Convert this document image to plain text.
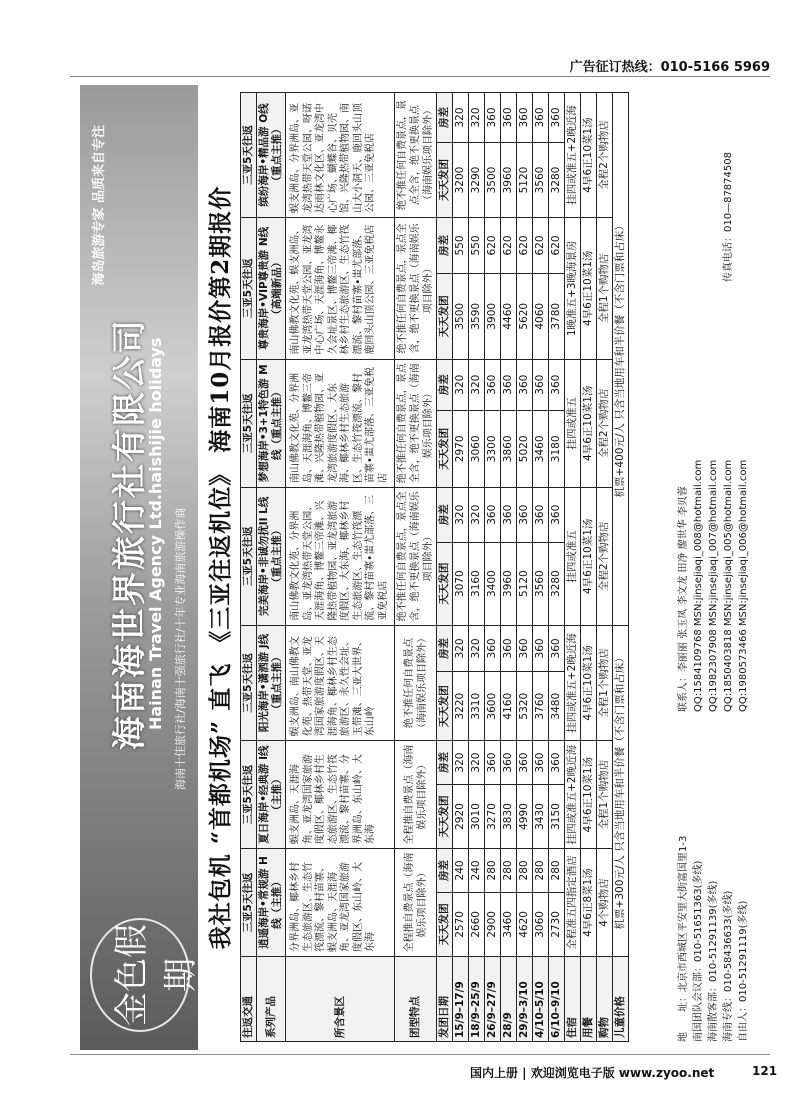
广告征订热线：010-5166 5969
金色假期 Golden holiday
海岛旅游专家 品质来自专注
海南海世界旅行社有限公司
Hainan Travel Agency Ltd.haishijie holidays 海南十佳旅行社/海南十强旅行社/十年专业海南旅游操作商 我社包机 “首都机场” 直飞 《三亚往返机位》 海南10月报价第2期报价
往返交通	三亚5天往返		三亚5天往返		三亚5天往返		三亚5天往返		三亚5天往返		三亚5天往返		三亚5天往返	
系列产品	逍遥海岸•常规游 H线（主推）		夏日海岸•经典游 I线（主推）		阳光海岸•潇洒游 J线（重点主推）		完美海岸•非诚勿扰II L线（重点主推）		梦想海岸•3+1特色游 M线（重点主推）		尊贵海岸•VIP尊贵游 N线（高端新品）		缤纷海岸•精品游 O线（重点主推）	
所含景区	分界洲岛、椰林乡村生态旅游区、生态竹筏漂流、黎村苗寨、蜈支洲岛、天涯海角、亚龙湾国家旅游度假区、东山岭、大东海		蜈支洲岛、天涯海角、亚龙湾国家旅游度假区、椰林乡村生态旅游区、生态竹筏漂流、黎村苗寨、分界洲岛、东山岭、大东海		蜈支洲岛、南山佛教文化苑、热带天堂、亚龙湾国家旅游度假区、天涯海角、椰林乡村生态旅游区、永久性会址、玉带滩、三亚大世界、东山岭		南山佛教文化苑、分界洲岛、亚龙湾热带天堂公园、天涯海角、博鳌三帝滩、兴隆热带植物园、亚龙湾旅游度假区、大东海、椰林乡村生态旅游区、生态竹筏漂流、黎村苗寨•蚩尤部落、三亚免税店		南山佛教文化苑、分界洲岛、天涯海角、博鳌三帝滩、兴隆热带植物园、亚龙湾旅游度假区、大东海、椰林乡村生态旅游区、生态竹筏漂流、黎村苗寨•蚩尤部落、三亚免税店		南山佛教文化苑、蜈支洲岛、亚龙湾热带天堂公园、亚龙湾中心广场、天涯海角、博鳌永久会址景区、博鳌三帝滩、椰林乡村生态旅游区、生态竹筏漂流、黎村苗寨•蚩尤部落、鹿回头山顶公园、三亚免税店		蜈支洲岛、分界洲岛、亚龙湾热带天堂公园、呀诺达雨林文化区、亚龙湾中心广场、蝴蝶谷、贝壳馆、兴隆热带植物园、南山大小洞天、鹿回头山顶公园、三亚免税店	
团型特点	全程推自费景点（海南娱乐项目除外）		全程推自费景点（海南娱乐项目除外）		绝不推任何自费景点（海南娱乐项目除外）		绝不推任何自费景点，景点全含，绝不更换景点（海南娱乐项目除外）		绝不推任何自费景点，景点全含，绝不更换景点（海南娱乐项目除外）		绝不推任何自费景点，景点全含，绝不更换景点（海南娱乐项目除外）		绝不推任何自费景点，景点全含，绝不更换景点（海南娱乐项目除外）	
发团日期	天天发团	房差	天天发团	房差	天天发团	房差	天天发团	房差	天天发团	房差	天天发团	房差	天天发团	房差
15/9–17/9	2570	240	2920	320	3220	320	3070	320	2970	320	3500	550	3200	320
18/9–25/9	2660	240	3010	320	3310	320	3160	320	3060	320	3590	550	3290	320
26/9–27/9	2900	280	3270	360	3600	360	3400	360	3300	360	3900	620	3500	360
28/9	3460	280	3830	360	4160	360	3960	360	3860	360	4460	620	3960	360
29/9–3/10	4620	280	4990	360	5320	360	5120	360	5020	360	5620	620	5120	360
4/10–5/10	3060	280	3430	360	3760	360	3560	360	3460	360	4060	620	3560	360
6/10–9/10	2730	280	3150	360	3480	360	3280	360	3180	360	3780	620	3280	360
住宿	全程准五四指定酒店		挂四或准五+2晚近海		挂四或准五+2晚近海		挂四或准五		挂四或准五		1晚准五+3晚海景房		挂四或准五+2晚近海	
用餐	4早6正8菜1汤		4早6正10菜1汤		4早6正10菜1汤		4早6正10菜1汤		4早6正10菜1汤		4早6正10菜1汤		4早6正10菜1汤	
购物	4个购物店		全程1个购物店		全程1个购物店		全程2个购物店		全程2个购物店		全程1个购物店		全程2个购物店	
儿童价格	机票+300元/人 只含当地用车和半价餐（不含门票和占床）						机票+400元/人 只含当地用车和半价餐（不含门票和占床）							
地　　址：北京市西城区平安里大街富国里1-3 南国团队会议部：010-51651363(多线) 海南散客部：010-51291139(多线) 海南专线：010-58436633(多线) 自由人：010-51291119(多线)
联系人：李丽丽 张玉凤 李文龙 田净 廖世华 李贝蓉 QQ:1584109768 MSN:jinsejiaqi_008@hotmail.com QQ:1982307908 MSN:jinsejiaqi_007@hotmail.com QQ:1850403818 MSN:jinsejiaqi_005@hotmail.com QQ:1980573466 MSN:jinsejiaqi_006@hotmail.com
传真电话：010—87874508
国内上册 | 欢迎浏览电子版 www.zyoo.net	121
